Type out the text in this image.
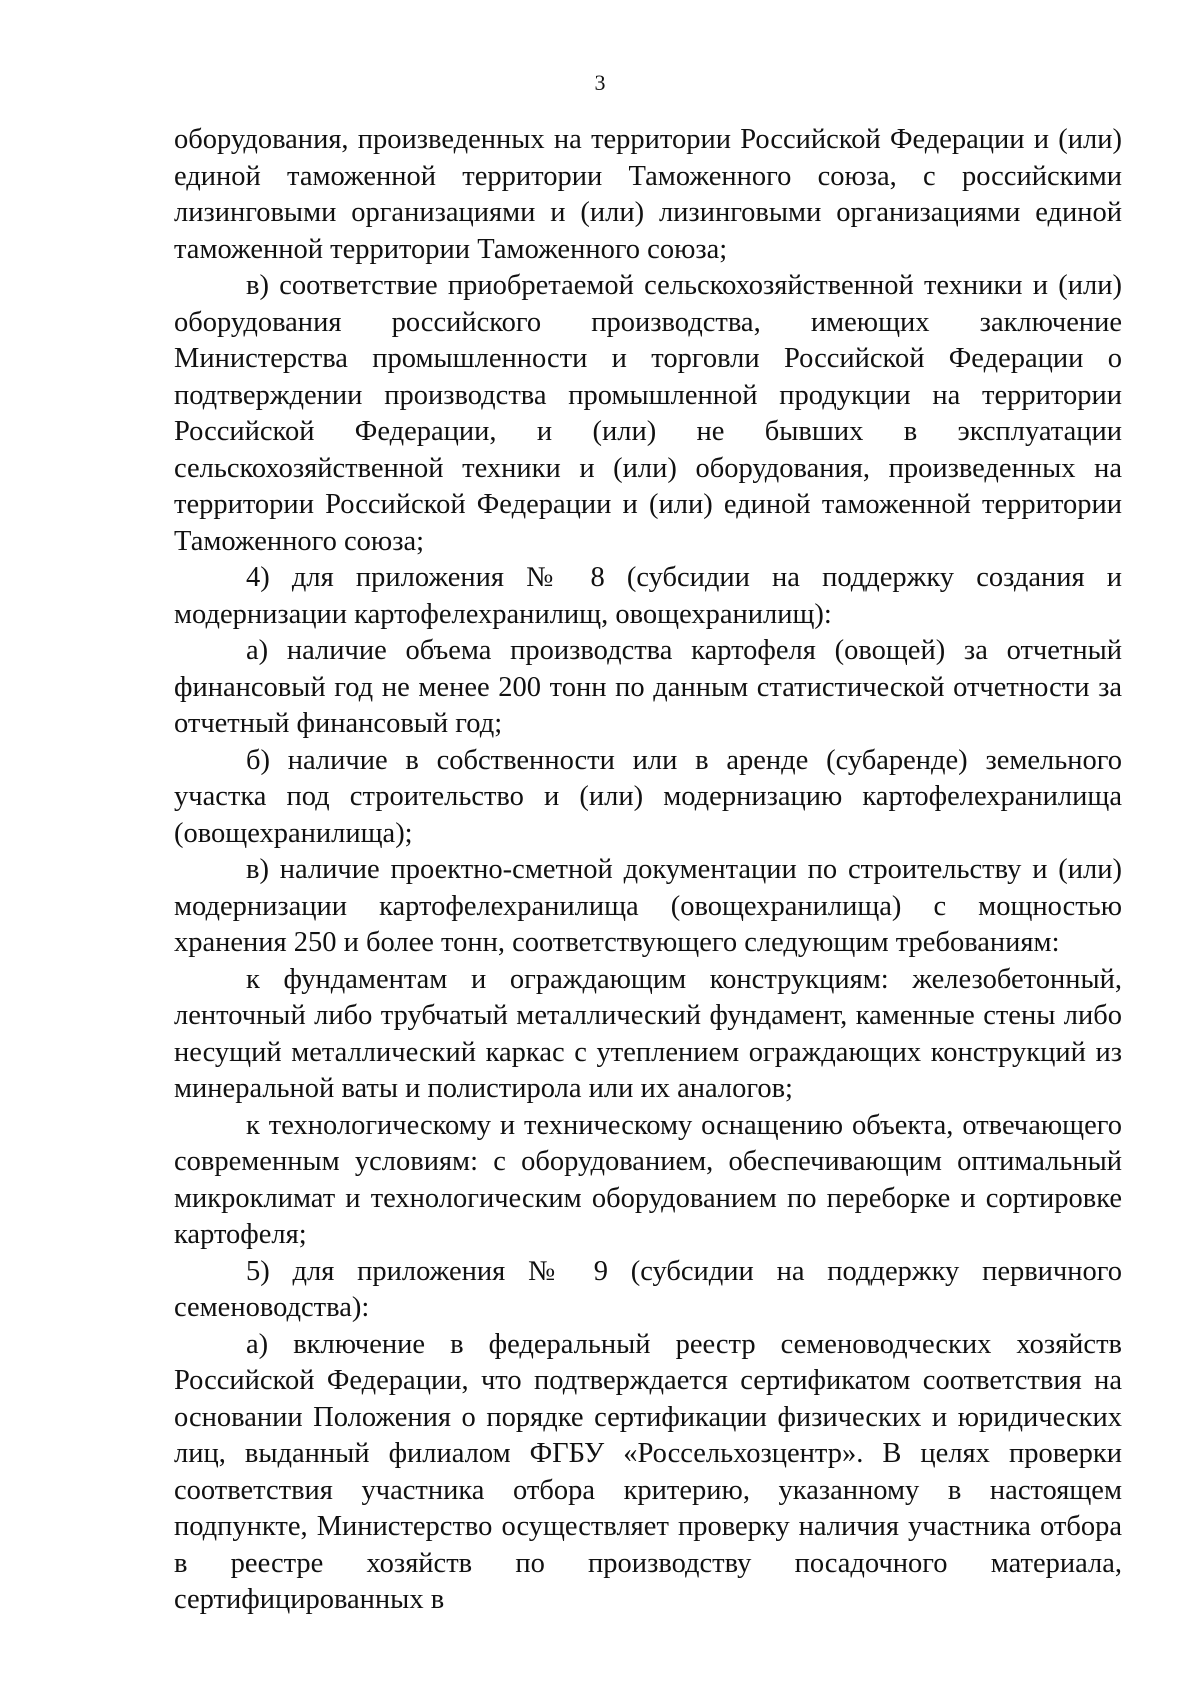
3

оборудования, произведенных на территории Российской Федерации и (или) единой таможенной территории Таможенного союза, с российскими лизинговыми организациями и (или) лизинговыми организациями единой таможенной территории Таможенного союза;

в) соответствие приобретаемой сельскохозяйственной техники и (или) оборудования российского производства, имеющих заключение Министерства промышленности и торговли Российской Федерации о подтверждении производства промышленной продукции на территории Российской Федерации, и (или) не бывших в эксплуатации сельскохозяйственной техники и (или) оборудования, произведенных на территории Российской Федерации и (или) единой таможенной территории Таможенного союза;

4) для приложения № 8 (субсидии на поддержку создания и модернизации картофелехранилищ, овощехранилищ):

а) наличие объема производства картофеля (овощей) за отчетный финансовый год не менее 200 тонн по данным статистической отчетности за отчетный финансовый год;

б) наличие в собственности или в аренде (субаренде) земельного участка под строительство и (или) модернизацию картофелехранилища (овощехранилища);

в) наличие проектно-сметной документации по строительству и (или) модернизации картофелехранилища (овощехранилища) с мощностью хранения 250 и более тонн, соответствующего следующим требованиям:

к фундаментам и ограждающим конструкциям: железобетонный, ленточный либо трубчатый металлический фундамент, каменные стены либо несущий металлический каркас с утеплением ограждающих конструкций из минеральной ваты и полистирола или их аналогов;

к технологическому и техническому оснащению объекта, отвечающего современным условиям: с оборудованием, обеспечивающим оптимальный микроклимат и технологическим оборудованием по переборке и сортировке картофеля;

5) для приложения № 9 (субсидии на поддержку первичного семеноводства):

а) включение в федеральный реестр семеноводческих хозяйств Российской Федерации, что подтверждается сертификатом соответствия на основании Положения о порядке сертификации физических и юридических лиц, выданный филиалом ФГБУ «Россельхозцентр». В целях проверки соответствия участника отбора критерию, указанному в настоящем подпункте, Министерство осуществляет проверку наличия участника отбора в реестре хозяйств по производству посадочного материала, сертифицированных в
